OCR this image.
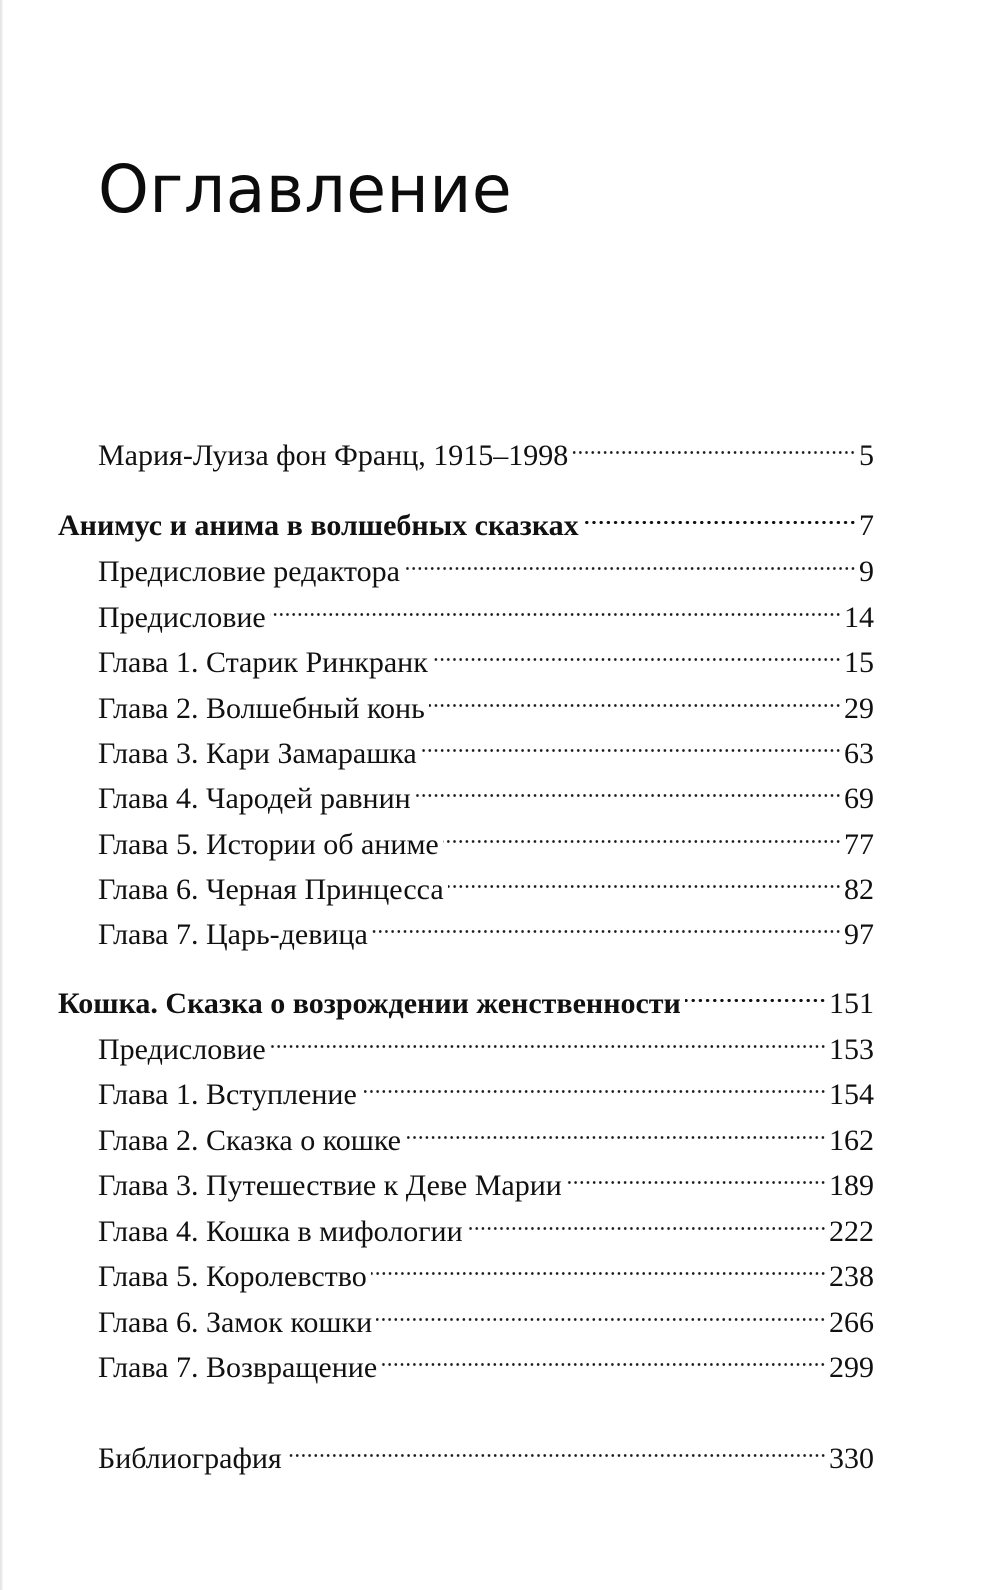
Оглавление
Мария-Луиза фон Франц, 1915–1998	5
Анимус и анима в волшебных сказках	7
Предисловие редактора	9
Предисловие	14
Глава 1. Старик Ринкранк	15
Глава 2. Волшебный конь	29
Глава 3. Кари Замарашка	63
Глава 4. Чародей равнин	69
Глава 5. Истории об аниме	77
Глава 6. Черная Принцесса	82
Глава 7. Царь-девица	97
Кошка. Сказка о возрождении женственности	151
Предисловие	153
Глава 1. Вступление	154
Глава 2. Сказка о кошке	162
Глава 3. Путешествие к Деве Марии	189
Глава 4. Кошка в мифологии	222
Глава 5. Королевство	238
Глава 6. Замок кошки	266
Глава 7. Возвращение	299
Библиография	330
